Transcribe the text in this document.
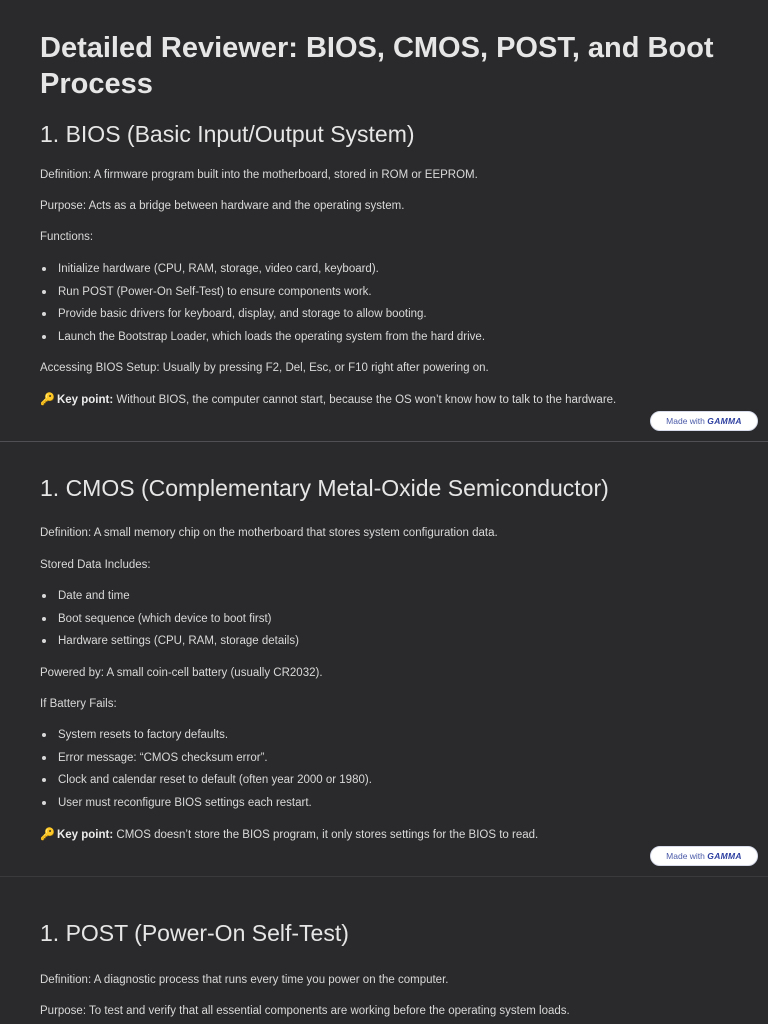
Detailed Reviewer: BIOS, CMOS, POST, and Boot Process
1. BIOS (Basic Input/Output System)

Definition: A firmware program built into the motherboard, stored in ROM or EEPROM.

Purpose: Acts as a bridge between hardware and the operating system.

Functions:

Initialize hardware (CPU, RAM, storage, video card, keyboard).
Run POST (Power-On Self-Test) to ensure components work.
Provide basic drivers for keyboard, display, and storage to allow booting.
Launch the Bootstrap Loader, which loads the operating system from the hard drive.

Accessing BIOS Setup: Usually by pressing F2, Del, Esc, or F10 right after powering on.

🔑 Key point: Without BIOS, the computer cannot start, because the OS won’t know how to talk to the hardware.

Made with GAMMA
1. CMOS (Complementary Metal-Oxide Semiconductor)

Definition: A small memory chip on the motherboard that stores system configuration data.

Stored Data Includes:

Date and time
Boot sequence (which device to boot first)
Hardware settings (CPU, RAM, storage details)

Powered by: A small coin-cell battery (usually CR2032).

If Battery Fails:

System resets to factory defaults.
Error message: “CMOS checksum error”.
Clock and calendar reset to default (often year 2000 or 1980).
User must reconfigure BIOS settings each restart.

🔑 Key point: CMOS doesn’t store the BIOS program, it only stores settings for the BIOS to read.

Made with GAMMA
1. POST (Power-On Self-Test)

Definition: A diagnostic process that runs every time you power on the computer.

Purpose: To test and verify that all essential components are working before the operating system loads.
